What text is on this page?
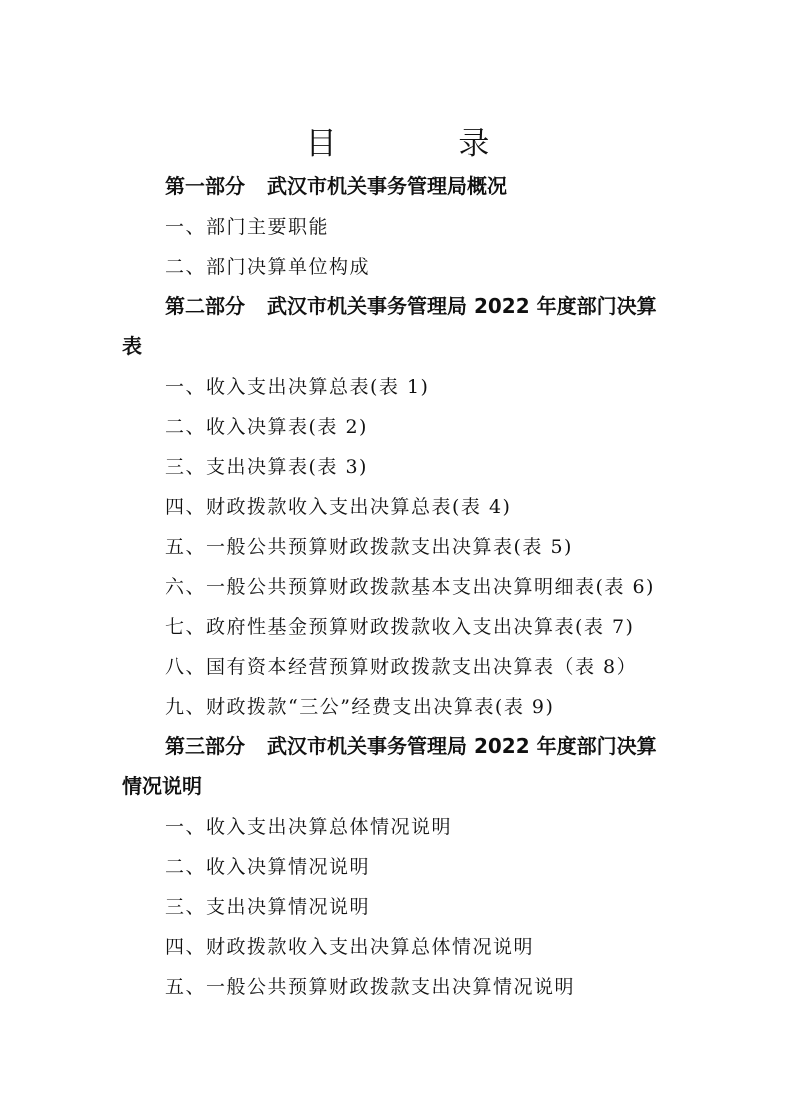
目 录
第一部分 武汉市机关事务管理局概况
一、部门主要职能
二、部门决算单位构成
第二部分 武汉市机关事务管理局 2022 年度部门决算
表
一、收入支出决算总表(表 1)
二、收入决算表(表 2)
三、支出决算表(表 3)
四、财政拨款收入支出决算总表(表 4)
五、一般公共预算财政拨款支出决算表(表 5)
六、一般公共预算财政拨款基本支出决算明细表(表 6)
七、政府性基金预算财政拨款收入支出决算表(表 7)
八、国有资本经营预算财政拨款支出决算表（表 8）
九、财政拨款“三公”经费支出决算表(表 9)
第三部分 武汉市机关事务管理局 2022 年度部门决算
情况说明
一、收入支出决算总体情况说明
二、收入决算情况说明
三、支出决算情况说明
四、财政拨款收入支出决算总体情况说明
五、一般公共预算财政拨款支出决算情况说明
